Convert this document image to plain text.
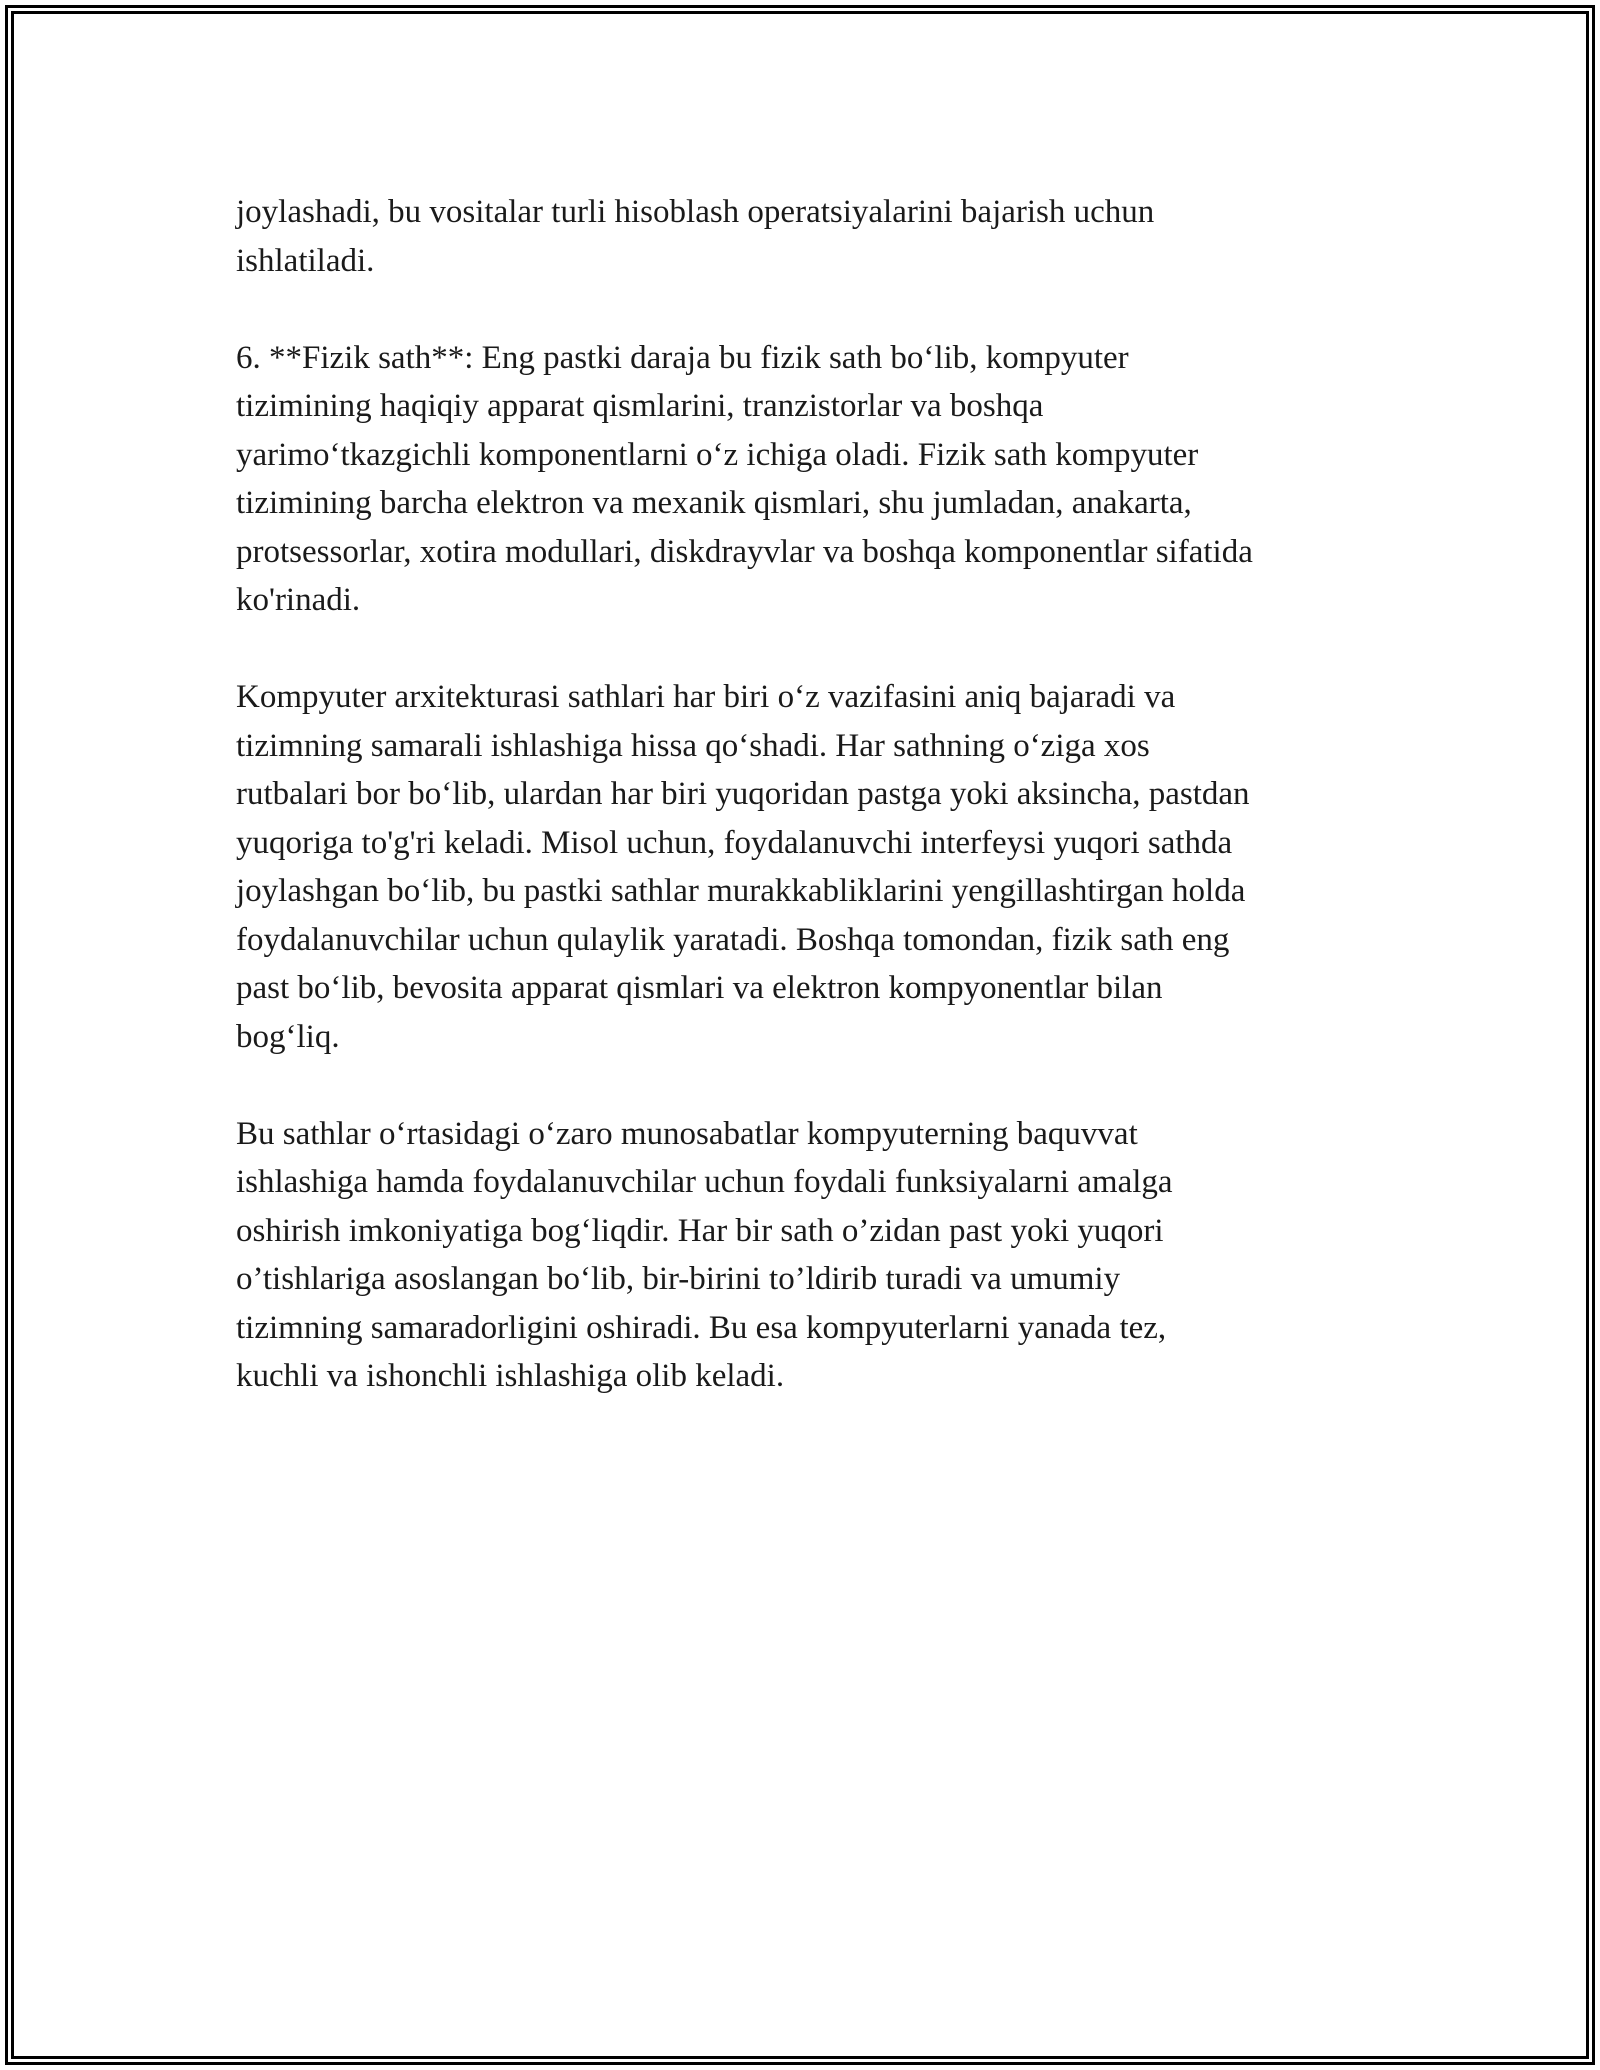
joylashadi, bu vositalar turli hisoblash operatsiyalarini bajarish uchun
ishlatiladi.

6. **Fizik sath**: Eng pastki daraja bu fizik sath bo‘lib, kompyuter
tizimining haqiqiy apparat qismlarini, tranzistorlar va boshqa
yarimo‘tkazgichli komponentlarni o‘z ichiga oladi. Fizik sath kompyuter
tizimining barcha elektron va mexanik qismlari, shu jumladan, anakarta,
protsessorlar, xotira modullari, diskdrayvlar va boshqa komponentlar sifatida
ko'rinadi.

Kompyuter arxitekturasi sathlari har biri o‘z vazifasini aniq bajaradi va
tizimning samarali ishlashiga hissa qo‘shadi. Har sathning o‘ziga xos
rutbalari bor bo‘lib, ulardan har biri yuqoridan pastga yoki aksincha, pastdan
yuqoriga to'g'ri keladi. Misol uchun, foydalanuvchi interfeysi yuqori sathda
joylashgan bo‘lib, bu pastki sathlar murakkabliklarini yengillashtirgan holda
foydalanuvchilar uchun qulaylik yaratadi. Boshqa tomondan, fizik sath eng
past bo‘lib, bevosita apparat qismlari va elektron kompyonentlar bilan
bog‘liq.

Bu sathlar o‘rtasidagi o‘zaro munosabatlar kompyuterning baquvvat
ishlashiga hamda foydalanuvchilar uchun foydali funksiyalarni amalga
oshirish imkoniyatiga bog‘liqdir. Har bir sath o’zidan past yoki yuqori
o’tishlariga asoslangan bo‘lib, bir-birini to’ldirib turadi va umumiy
tizimning samaradorligini oshiradi. Bu esa kompyuterlarni yanada tez,
kuchli va ishonchli ishlashiga olib keladi.
